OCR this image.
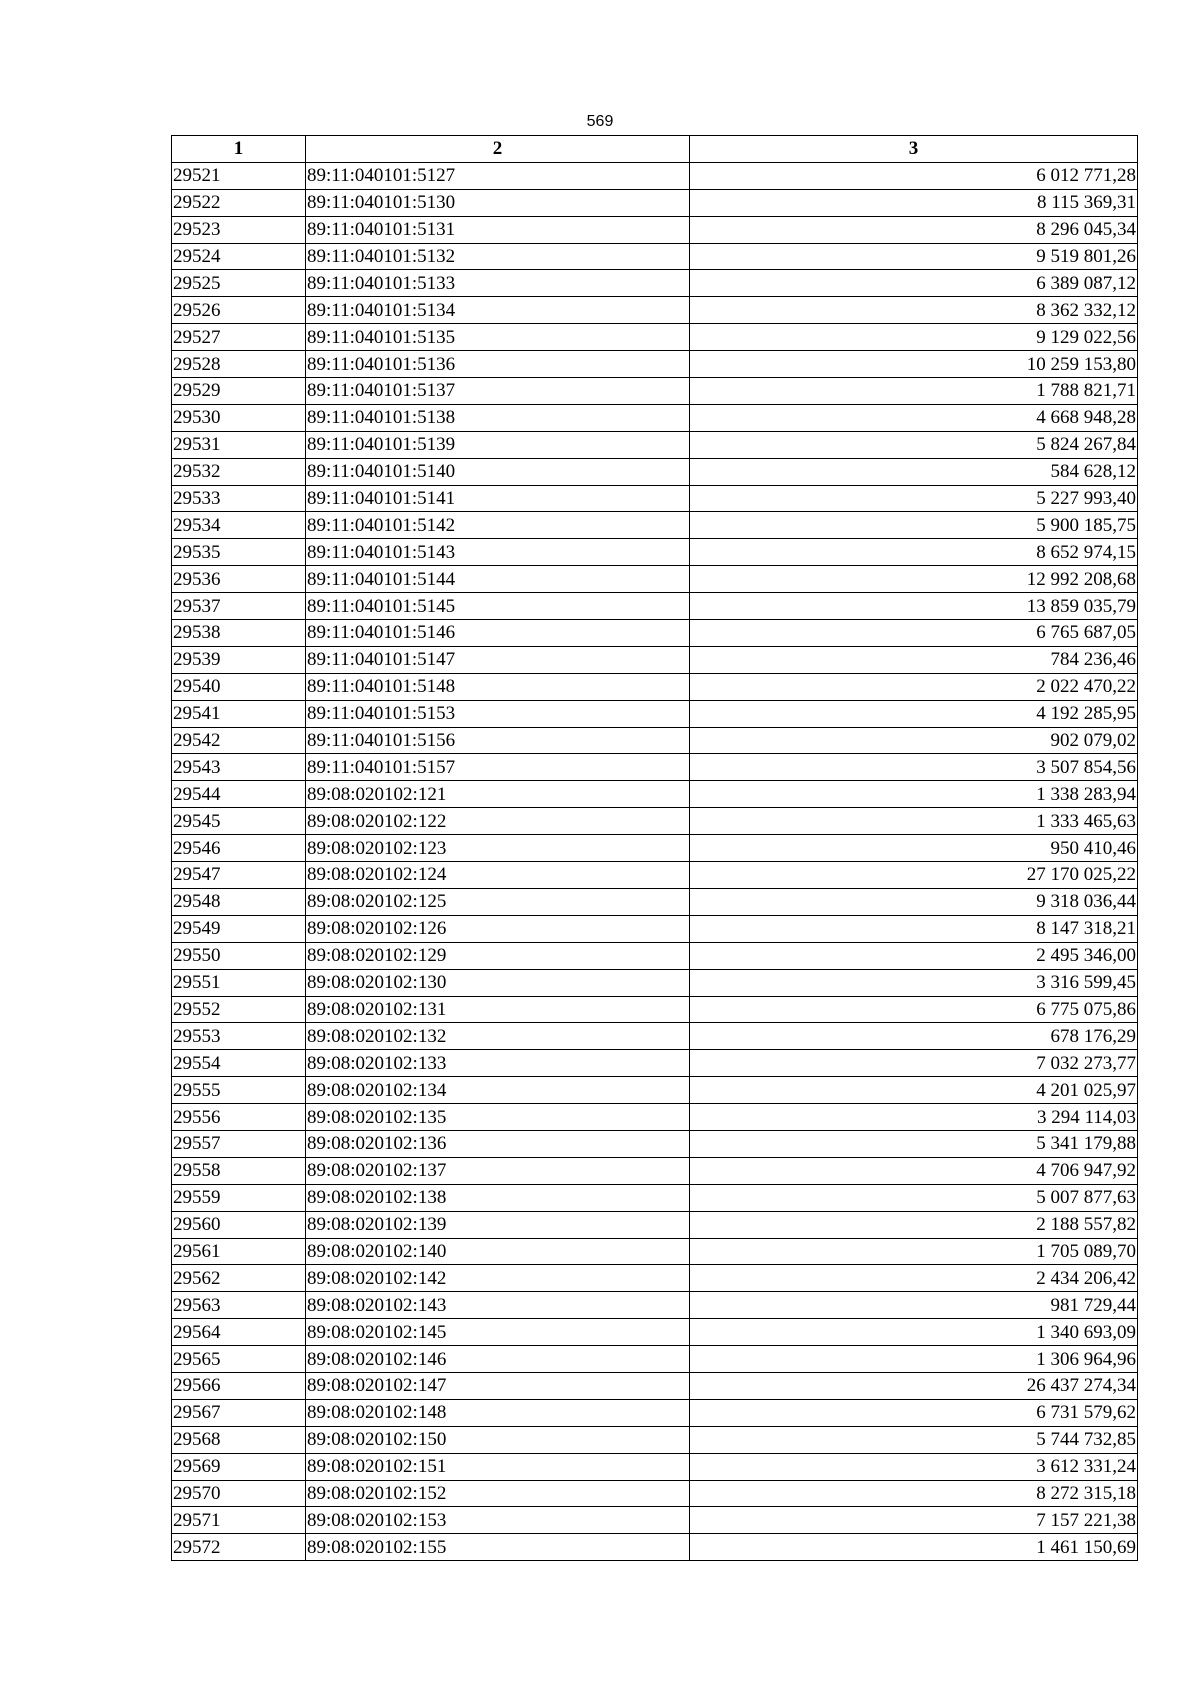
569
1	2	3
29521	89:11:040101:5127	6 012 771,28
29522	89:11:040101:5130	8 115 369,31
29523	89:11:040101:5131	8 296 045,34
29524	89:11:040101:5132	9 519 801,26
29525	89:11:040101:5133	6 389 087,12
29526	89:11:040101:5134	8 362 332,12
29527	89:11:040101:5135	9 129 022,56
29528	89:11:040101:5136	10 259 153,80
29529	89:11:040101:5137	1 788 821,71
29530	89:11:040101:5138	4 668 948,28
29531	89:11:040101:5139	5 824 267,84
29532	89:11:040101:5140	584 628,12
29533	89:11:040101:5141	5 227 993,40
29534	89:11:040101:5142	5 900 185,75
29535	89:11:040101:5143	8 652 974,15
29536	89:11:040101:5144	12 992 208,68
29537	89:11:040101:5145	13 859 035,79
29538	89:11:040101:5146	6 765 687,05
29539	89:11:040101:5147	784 236,46
29540	89:11:040101:5148	2 022 470,22
29541	89:11:040101:5153	4 192 285,95
29542	89:11:040101:5156	902 079,02
29543	89:11:040101:5157	3 507 854,56
29544	89:08:020102:121	1 338 283,94
29545	89:08:020102:122	1 333 465,63
29546	89:08:020102:123	950 410,46
29547	89:08:020102:124	27 170 025,22
29548	89:08:020102:125	9 318 036,44
29549	89:08:020102:126	8 147 318,21
29550	89:08:020102:129	2 495 346,00
29551	89:08:020102:130	3 316 599,45
29552	89:08:020102:131	6 775 075,86
29553	89:08:020102:132	678 176,29
29554	89:08:020102:133	7 032 273,77
29555	89:08:020102:134	4 201 025,97
29556	89:08:020102:135	3 294 114,03
29557	89:08:020102:136	5 341 179,88
29558	89:08:020102:137	4 706 947,92
29559	89:08:020102:138	5 007 877,63
29560	89:08:020102:139	2 188 557,82
29561	89:08:020102:140	1 705 089,70
29562	89:08:020102:142	2 434 206,42
29563	89:08:020102:143	981 729,44
29564	89:08:020102:145	1 340 693,09
29565	89:08:020102:146	1 306 964,96
29566	89:08:020102:147	26 437 274,34
29567	89:08:020102:148	6 731 579,62
29568	89:08:020102:150	5 744 732,85
29569	89:08:020102:151	3 612 331,24
29570	89:08:020102:152	8 272 315,18
29571	89:08:020102:153	7 157 221,38
29572	89:08:020102:155	1 461 150,69
